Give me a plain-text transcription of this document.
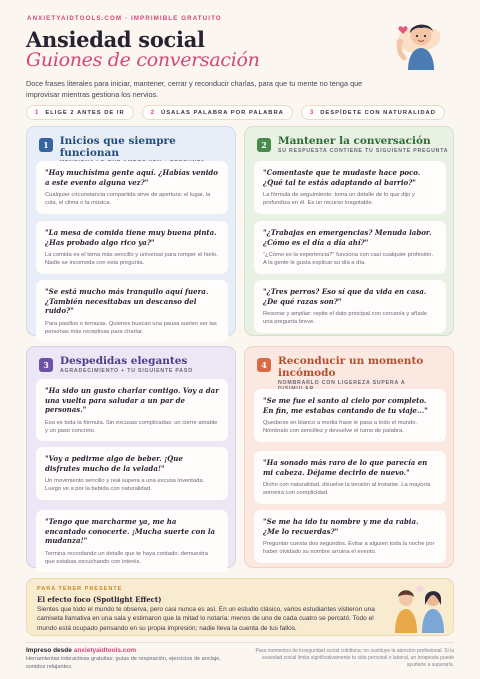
ANXIETYAIDTOOLS.COM · IMPRIMIBLE GRATUITO
Ansiedad social
Guiones de conversación
Doce frases literales para iniciar, mantener, cerrar y reconducir charlas, para que tu mente no tenga que improvisar mientras gestiona los nervios.
1 ELIGE 2 ANTES DE IR	2 ÚSALAS PALABRA POR PALABRA	3 DESPÍDETE CON NATURALIDAD
1	Inicios que siempre funcionan
"Hay muchísima gente aquí. ¿Habías venido a este evento alguna vez?"
Cualquier circunstancia compartida sirve de apertura: el lugar, la cola, el clima o la música.
"La mesa de comida tiene muy buena pinta. ¿Has probado algo rico ya?"
La comida es el tema más sencillo y universal para romper el hielo. Nadie se incomoda con esta pregunta.
"Se está mucho más tranquilo aquí fuera. ¿También necesitabas un descanso del ruido?"
Para pasillos o terrazas. Quienes buscan una pausa suelen ser las personas más receptivas para charlar.
2	Mantener la conversación
SU RESPUESTA CONTIENE TU SIGUIENTE PREGUNTA
"Comentaste que te mudaste hace poco. ¿Qué tal te estás adaptando al barrio?"
La fórmula de seguimiento: toma un detalle de lo que dijo y profundiza en él. Es un recurso inagotable.
"¿Trabajas en emergencias? Menuda labor. ¿Cómo es el día a día ahí?"
"¿Cómo es la experiencia?" funciona con casi cualquier profesión. A la gente le gusta explicar su día a día.
"¿Tres perros? Eso sí que da vida en casa. ¿De qué razas son?"
Resonar y ampliar: repite el dato principal con cercanía y añade una pregunta breve.
3	Despedidas elegantes
AGRADECIMIENTO + TU SIGUIENTE PASO
"Ha sido un gusto charlar contigo. Voy a dar una vuelta para saludar a un par de personas."
Esa es toda la fórmula. Sin excusas complicadas: un cierre amable y un paso concreto.
"Voy a pedirme algo de beber. ¡Que disfrutes mucho de la velada!"
Un movimiento sencillo y real supera a una excusa inventada. Luego ve a por la bebida con naturalidad.
"Tengo que marcharme ya, me ha encantado conocerte. ¡Mucha suerte con la mudanza!"
Termina recordando un detalle que te haya contado: demuestra que estabas escuchando con interés.
4	Reconducir un momento incómodo
NOMBRARLO CON LIGEREZA SUPERA A
"Se me fue el santo al cielo por completo. En fin, me estabas contando de tu viaje..."
Quedarse en blanco a media frase le pasa a todo el mundo. Nómbralo con sencillez y devuelve el turno de palabra.
"Ha sonado más raro de lo que parecía en mi cabeza. Déjame decirlo de nuevo."
Dicho con naturalidad, disuelve la tensión al instante. La mayoría sonreirá con complicidad.
"Se me ha ido tu nombre y me da rabia. ¿Me lo recuerdas?"
Preguntar cuesta dos segundos. Evitar a alguien toda la noche por haber olvidado su nombre arruina el evento.
PARA TENER PRESENTE
El efecto foco (Spotlight Effect)
Sientes que todo el mundo te observa, pero casi nunca es así. En un estudio clásico, varios estudiantes vistieron una camiseta llamativa en una sala y estimaron que la mitad lo notaría: menos de uno de cada cuatro se percató. Todo el mundo está ocupado pensando en su propia impresión; nadie lleva la cuenta de tus fallos.
Impreso desde anxietyaidtools.com
Herramientas interactivas gratuitas: guías de respiración, ejercicios de anclaje, sonidos relajantes.
Para momentos de inseguridad social cotidiana; no sustituye la atención profesional. Si la ansiedad social limita significativamente tu vida personal o laboral, un terapeuta puede ayudarte a superarla.
